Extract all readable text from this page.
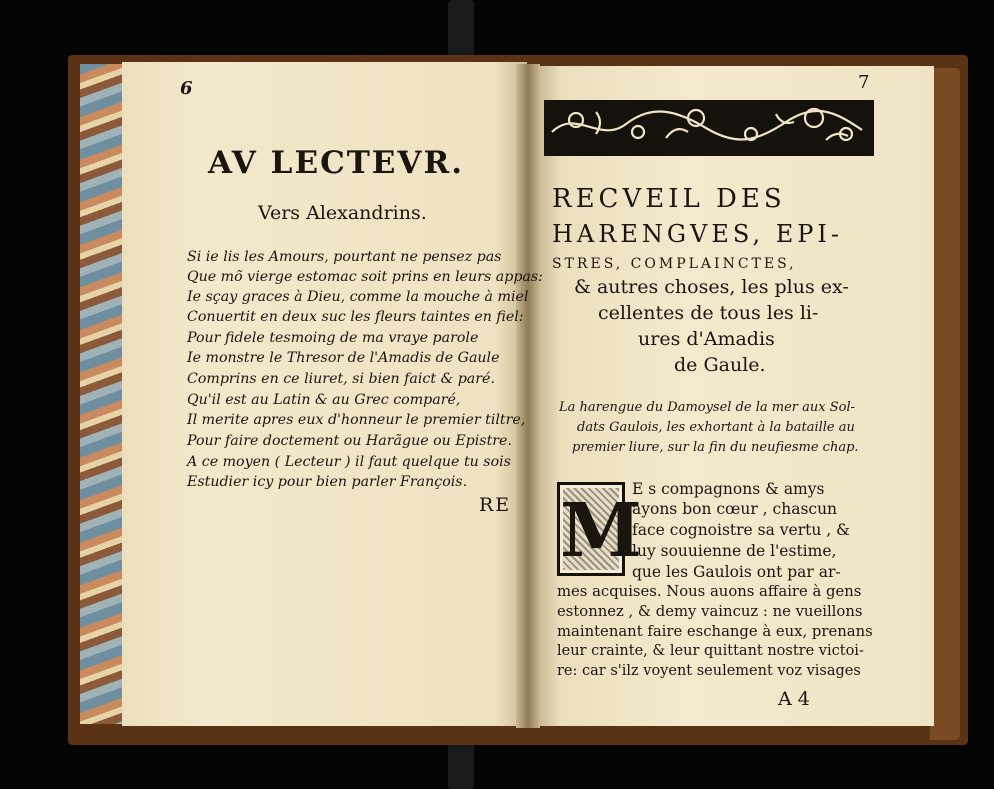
6
AV LECTEVR.
Vers Alexandrins.
Si ie lis les Amours, pourtant ne pensez pas
Que mõ vierge estomac soit prins en leurs appas:
Ie sçay graces à Dieu, comme la mouche à miel
Conuertit en deux suc les fleurs taintes en fiel:
Pour fidele tesmoing de ma vraye parole
Ie monstre le Thresor de l'Amadis de Gaule
Comprins en ce liuret, si bien faict & paré.
Qu'il est au Latin & au Grec comparé,
Il merite apres eux d'honneur le premier tiltre,
Pour faire doctement ou Harãgue ou Epistre.
A ce moyen ( Lecteur ) il faut quelque tu sois
Estudier icy pour bien parler François.
RE
7
RECVEIL DES
HARENGVES, EPI-
STRES, COMPLAINCTES,
& autres choses, les plus ex-
cellentes de tous les li-
ures d'Amadis
de Gaule.
La harengue du Damoysel de la mer aux Sol-
dats Gaulois, les exhortant à la bataille au
premier liure, sur la fin du neufiesme chap.
M
E s compagnons & amys
ayons bon cœur , chascun
face cognoistre sa vertu , &
luy souuienne de l'estime,
que les Gaulois ont par ar-
mes acquises. Nous auons affaire à gens
estonnez , & demy vaincuz : ne vueillons
maintenant faire eschange à eux, prenans
leur crainte, & leur quittant nostre victoi-
re: car s'ilz voyent seulement voz visages
A 4
